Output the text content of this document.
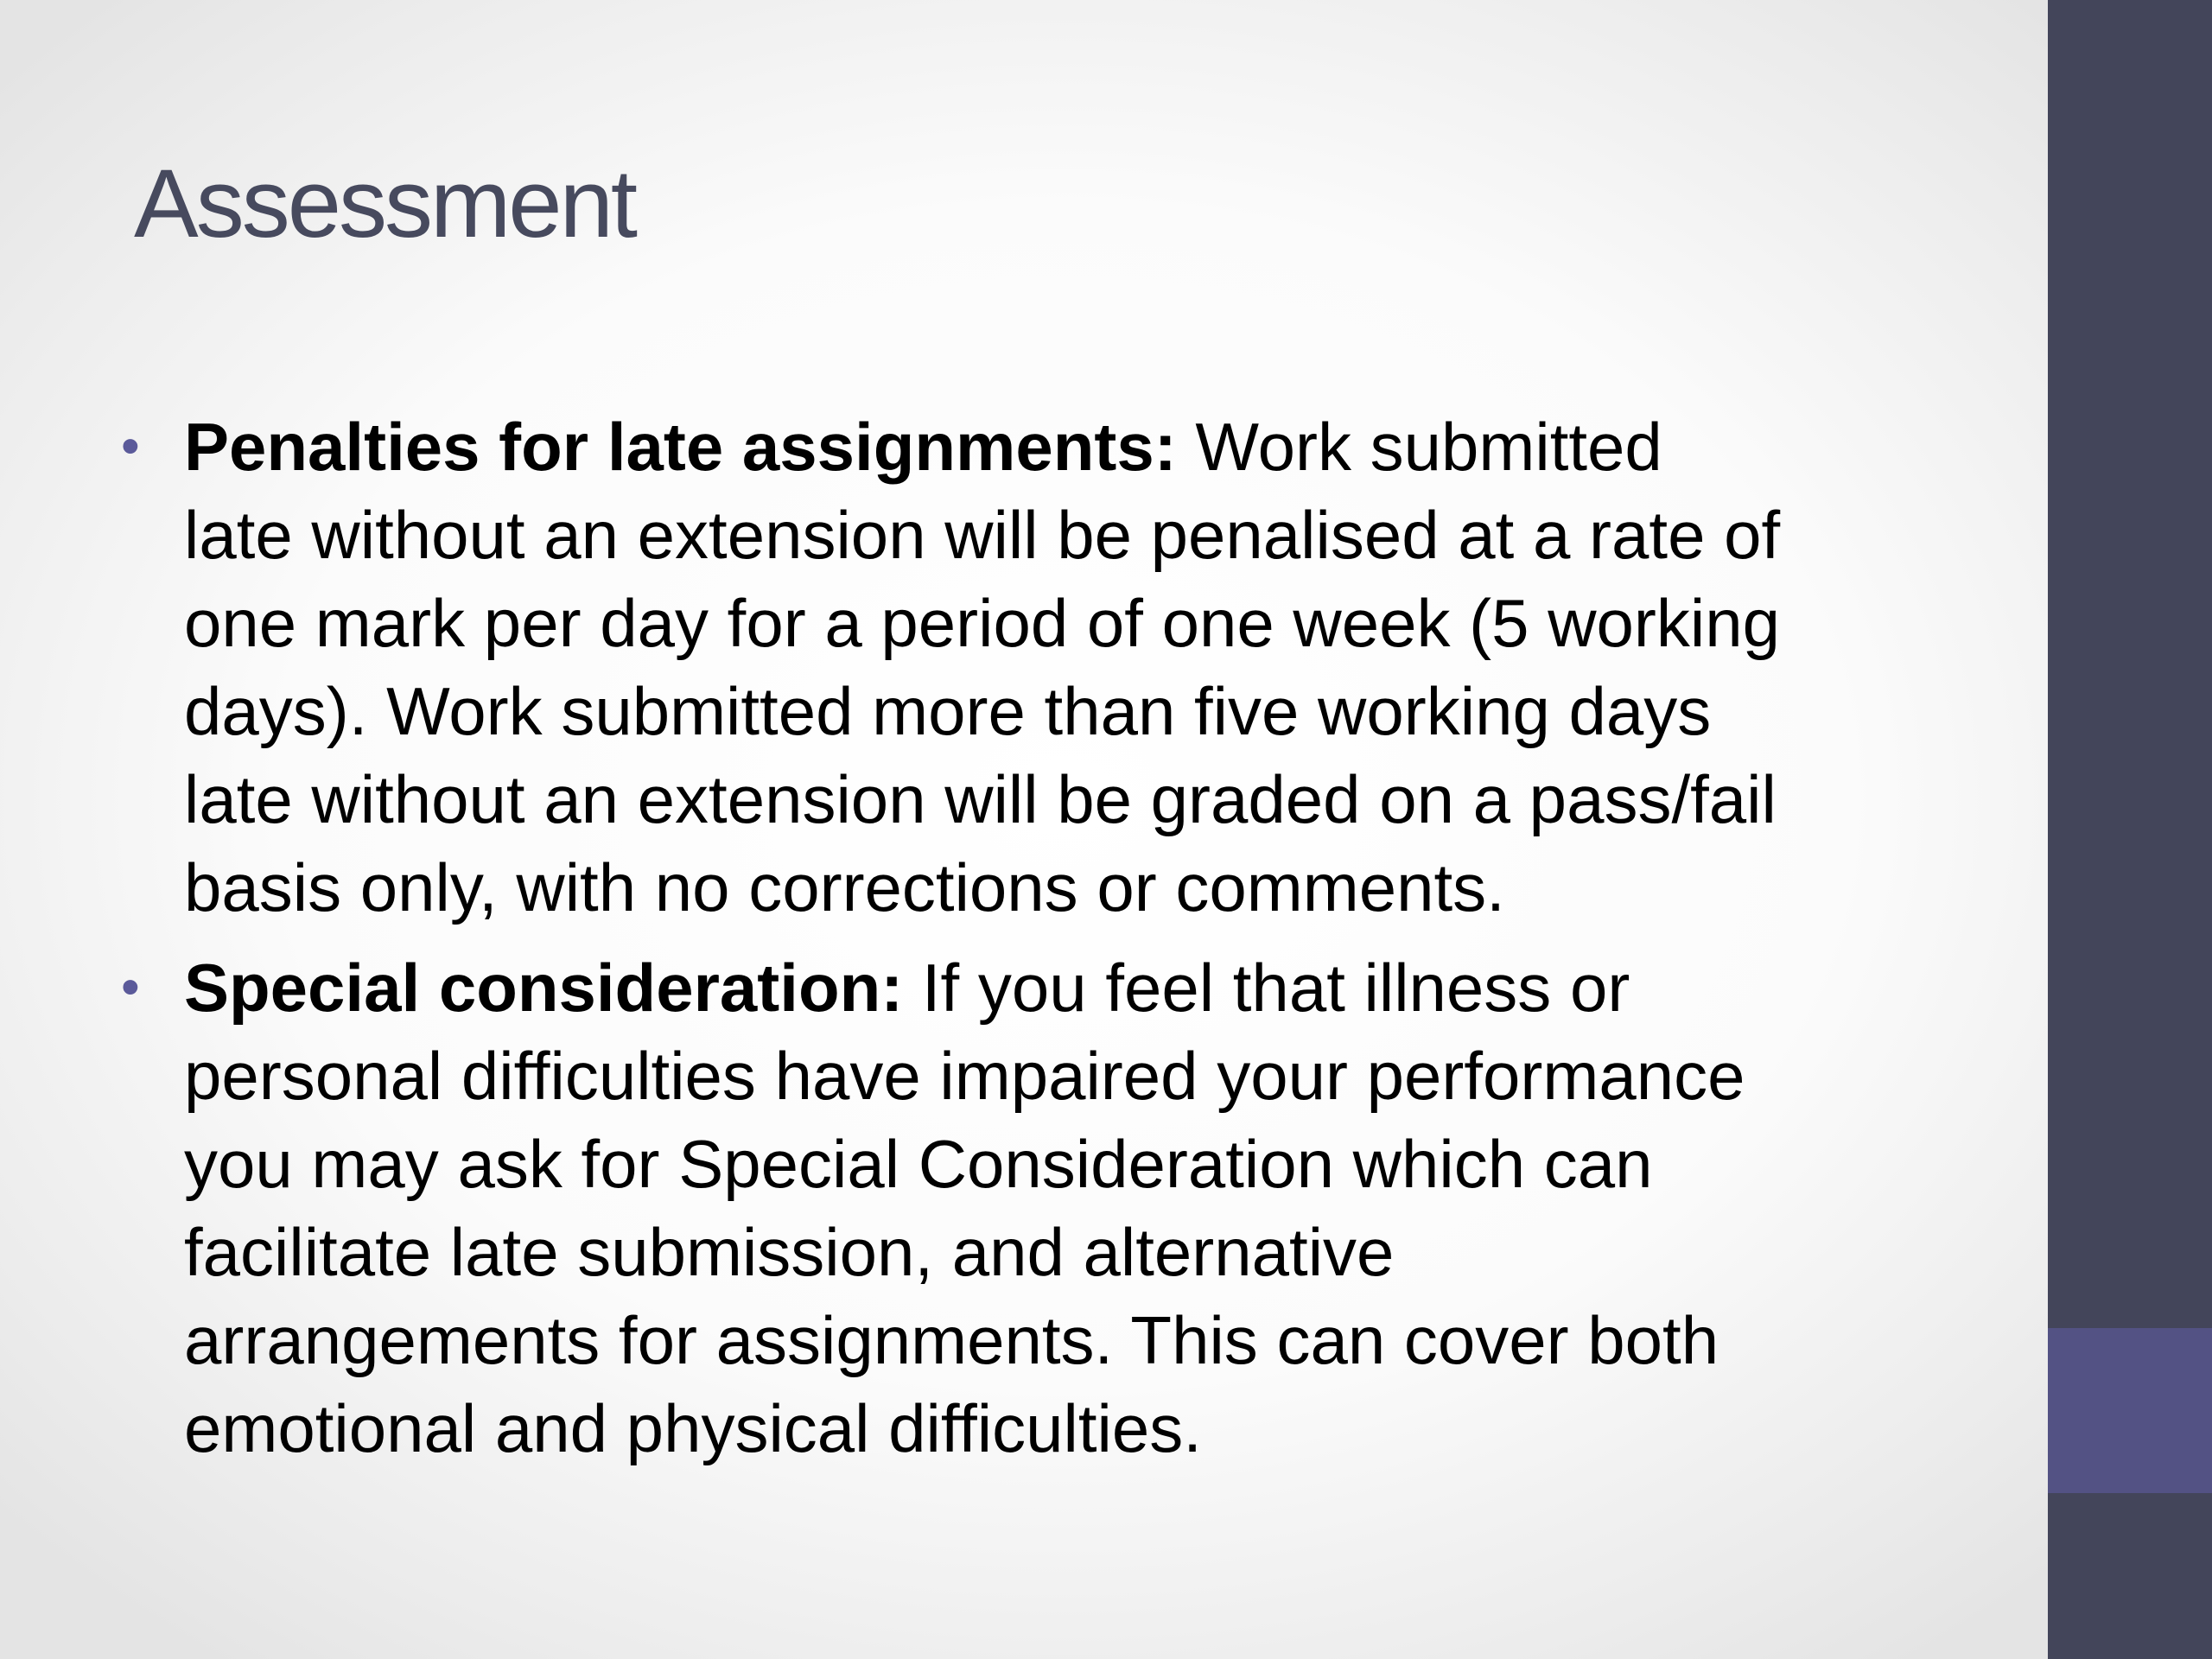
Assessment
• Penalties for late assignments: Work submitted
late without an extension will be penalised at a rate of
one mark per day for a period of one week (5 working
days). Work submitted more than five working days
late without an extension will be graded on a pass/fail
basis only, with no corrections or comments.
• Special consideration: If you feel that illness or
personal difficulties have impaired your performance
you may ask for Special Consideration which can
facilitate late submission, and alternative
arrangements for assignments. This can cover both
emotional and physical difficulties.
